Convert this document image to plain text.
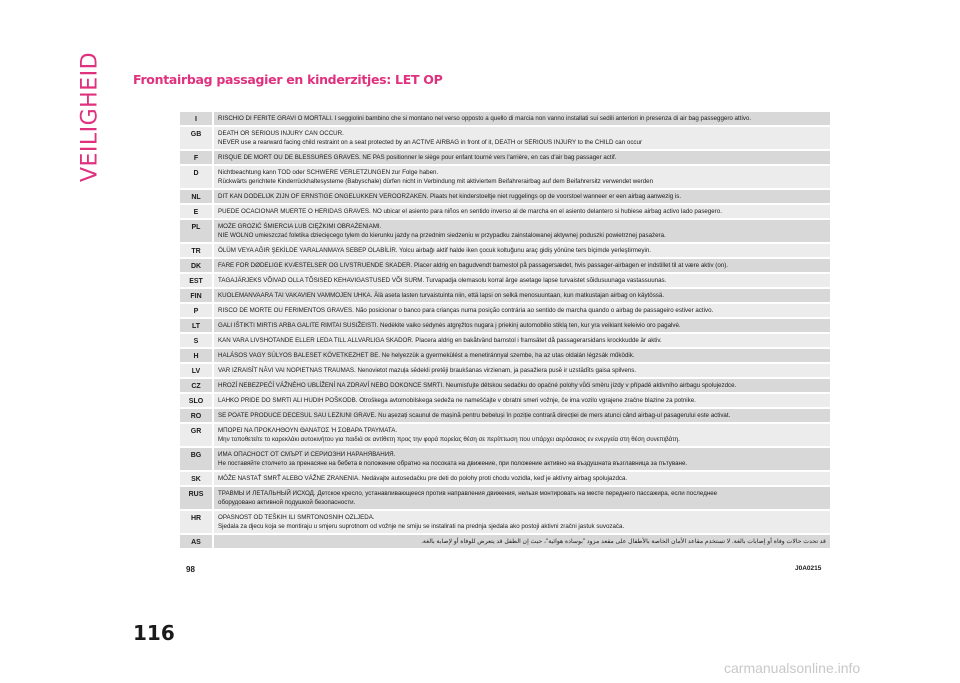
VEILIGHEID Frontairbag passagier en kinderzitjes: LET OP
I	RISCHIO DI FERITE GRAVI O MORTALI. I seggiolini bambino che si montano nel verso opposto a quello di marcia non vanno installati sui sedili anteriori in presenza di air bag passeggero attivo.
GB	DEATH OR SERIOUS INJURY CAN OCCUR.
NEVER use a rearward facing child restraint on a seat protected by an ACTIVE AIRBAG in front of it, DEATH or SERIOUS INJURY to the CHILD can occur
F	RISQUE DE MORT OU DE BLESSURES GRAVES. NE PAS positionner le siège pour enfant tourné vers l'arrière, en cas d'air bag passager actif.
D	Nichtbeachtung kann TOD oder SCHWERE VERLETZUNGEN zur Folge haben.
Rückwärts gerichtete Kinderrückhaltesysteme (Babyschale) dürfen nicht in Verbindung mit aktiviertem Beifahrerairbag auf dem Beifahrersitz verwendet werden
NL	DIT KAN DODELIJK ZIJN OF ERNSTIGE ONGELUKKEN VEROORZAKEN. Plaats het kinderstoeltje niet ruggelings op de voorstoel wanneer er een airbag aanwezig is.
E	PUEDE OCACIONAR MUERTE O HERIDAS GRAVES. NO ubicar el asiento para niños en sentido inverso al de marcha en el asiento delantero si hubiese airbag activo lado pasegero.
PL	MOŻE GROZIĆ ŚMIERCIA LUB CIĘŻKIMI OBRAŻENIAMI.
NIE WOLNO umieszczać foletika dziecięcego tylem do kierunku jazdy na przednim siedzeniu w przypadku zainstalowanej aktywnej poduszki powietrznej pasażera.
TR	ÖLÜM VEYA AĞIR ŞEKİLDE YARALANMAYA SEBEP OLABİLİR. Yolcu airbağı aktif halde iken çocuk koltuğunu araç gidiş yönüne ters biçimde yerleştirmeyin.
DK	FARE FOR DØDELIGE KVÆSTELSER OG LIVSTRUENDE SKADER. Placer aldrig en bagudvendt barnestol på passagersædet, hvis passager-airbagen er indstillet til at være aktiv (on).
EST	TAGAJÄRJEKS VÕIVAD OLLA TÕSISED KEHAVIGASTUSED VÕI SURM. Turvapadja olemasolu korral ärge asetage lapse turvaistet sõidusuunaga vastassuunas.
FIN	KUOLEMANVAARA TAI VAKAVIEN VAMMOJEN UHKA. Älä aseta lasten turvaistuinta niin, että lapsi on selkä menosuuntaan, kun matkustajan airbag on käytössä.
P	RISCO DE MORTE OU FERIMENTOS GRAVES. Não posicionar o banco para crianças numa posição contrária ao sentido de marcha quando o airbag de passageiro estiver activo.
LT	GALI IŠTIKTI MIRTIS ARBA GALITE RIMTAI SUSIŽEISTI. Nedėkite vaiko sėdynės atgręžtos nugara į priekinį automobilio stiklą ten, kur yra veikiant keleivio oro pagalvė.
S	KAN VARA LIVSHOTANDE ELLER LEDA TILL ALLVARLIGA SKADOR. Placera aldrig en bakåtvänd barnstol i framsätet då passagerarsidans krockkudde är aktiv.
H	HALÁSOS VAGY SÚLYOS BALESET KÖVETKEZHET BE. Ne helyezzük a gyermekülést a menetiránnyal szembe, ha az utas oldalán légzsák működik.
LV	VAR IZRAISĪT NĀVI VAI NOPIETNAS TRAUMAS. Nenovietot mazuļa sēdekli pretēji braukšanas virzienam, ja pasažiera pusē ir uzstādīts gaisa spilvens.
CZ	HROZÍ NEBEZPEČÍ VÁŽNÉHO UBLÍŽENÍ NA ZDRAVÍ NEBO DOKONCE SMRTI. Neumisťujte dětskou sedačku do opačné polohy vůči směru jízdy v případě aktivního airbagu spolujezdce.
SLO	LAHKO PRIDE DO SMRTI ALI HUDIH POŠKODB. Otroškega avtomobilskega sedeža ne nameščajte v obratni smeri vožnje, če ima vozilo vgrajene zračne blazine za potnike.
RO	SE POATE PRODUCE DECESUL SAU LEZIUNI GRAVE. Nu așezați scaunul de mașină pentru bebeluși în poziție contrară direcției de mers atunci când airbag-ul pasagerului este activat.
GR	ΜΠΟΡΕΙ ΝΑ ΠΡΟΚΛΗΘΟΥΝ ΘΑΝΑΤΟΣ Ή ΣΟΒΑΡΑ ΤΡΑΥΜΑΤΑ.
Μην τοποθετείτε το καρεκλάκι αυτοκινήτου για παιδιά σε αντίθετη προς την φορά πορείας θέση σε περίπτωση που υπάρχει αερόσακος εν ενεργεία στη θέση συνεπιβάτη.
BG	ИМА ОПАСНОСТ ОТ СМЪРТ И СЕРИОЗНИ НАРАНЯВАНИЯ.
Не поставяйте столчето за пренасяне на бебета в положение обратно на посоката на движение, при положение активно на въздушната възглавница за пътуване.
SK	MÔŽE NASTAŤ SMRŤ ALEBO VÁŽNE ZRANENIA. Nedávajte autosedačku pre deti do polohy proti chodu vozidla, keď je aktívny airbag spolujazdca.
RUS	ТРАВМЫ И ЛЕТАЛЬНЫЙ ИСХОД. Детское кресло, устанавливающееся против направления движения, нельзя монтировать на месте переднего пассажира, если последнее
оборудовано активной подушкой безопасности.
HR	OPASNOST OD TEŠKIH ILI SMRTONOSNIH OZLJEDA.
Sjedala za djecu koja se montiraju u smjeru suprotnom od vožnje ne smiju se instalirati na prednja sjedala ako postoji aktivni zračni jastuk suvozača.
AS	قد تحدث حالات وفاة أو إصابات بالغة. لا تستخدم مقاعد الأمان الخاصة بالأطفال على مقعد مزود "بوسادة هوائية"، حيث إن الطفل قد يتعرض للوفاة أو لإصابة بالغة.
98	J0A0215
116
carmanualsonline.info
